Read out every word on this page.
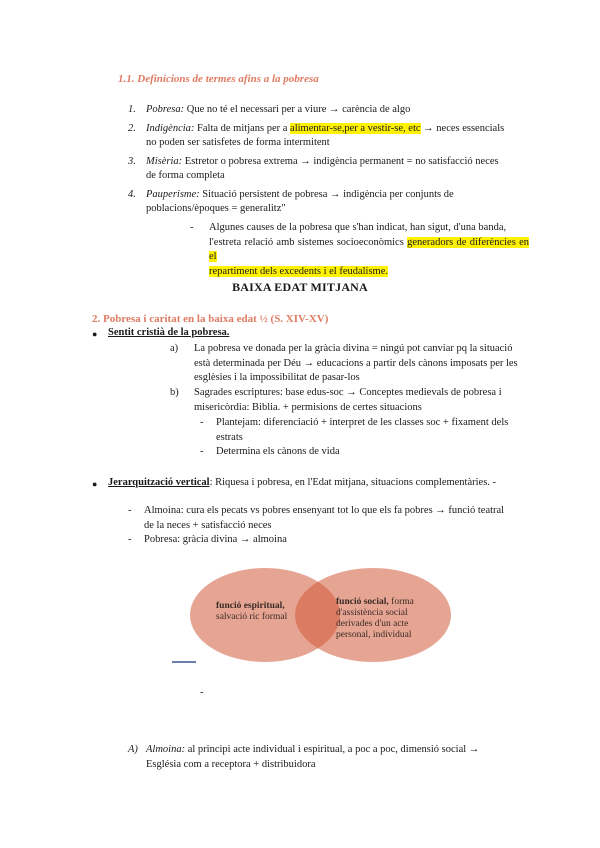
1.1. Definicions de termes afins a la pobresa
1. Pobresa: Que no té el necessari per a viure → carència de algo
2. Indigència: Falta de mitjans per a alimentar-se,per a vestir-se, etc → neces essencials
no poden ser satisfetes de forma intermitent
3. Misèria: Estretor o pobresa extrema → indigència permanent = no satisfacció neces
de forma completa
4. Pauperisme: Situació persistent de pobresa → indigència per conjunts de
poblacions/èpoques = generalitz"
- Algunes causes de la pobresa que s'han indicat, han sigut, d'una banda,
l'estreta relació amb sistemes socioeconòmics generadors de diferències en el
repartiment dels excedents i el feudalisme.
BAIXA EDAT MITJANA
2. Pobresa i caritat en la baixa edat ½ (S. XIV-XV)
● Sentit cristià de la pobresa.
a) La pobresa ve donada per la gràcia divina = ningú pot canviar pq la situació
està determinada per Déu → educacions a partir dels cànons imposats per les
esglèsies i la impossibilitat de pasar-los
b) Sagrades escriptures: base edus-soc → Conceptes medievals de pobresa i
misericòrdia: Biblia. + permisions de certes situacions
- Plantejam: diferenciació + interpret de les classes soc + fixament dels
estrats
- Determina els cànons de vida
● Jerarquització vertical: Riquesa i pobresa, en l'Edat mitjana, situacions complementàries. -
- Almoina: cura els pecats vs pobres ensenyant tot lo que els fa pobres → funció teatral
de la neces + satisfacció neces
- Pobresa: gràcia divina → almoina
funció espiritual,
salvació ric formal
funció social, forma
d'assistència social
derivades d'un acte
personal, individual
-
A) Almoina: al principi acte individual i espiritual, a poc a poc, dimensió social →
Església com a receptora + distribuidora
